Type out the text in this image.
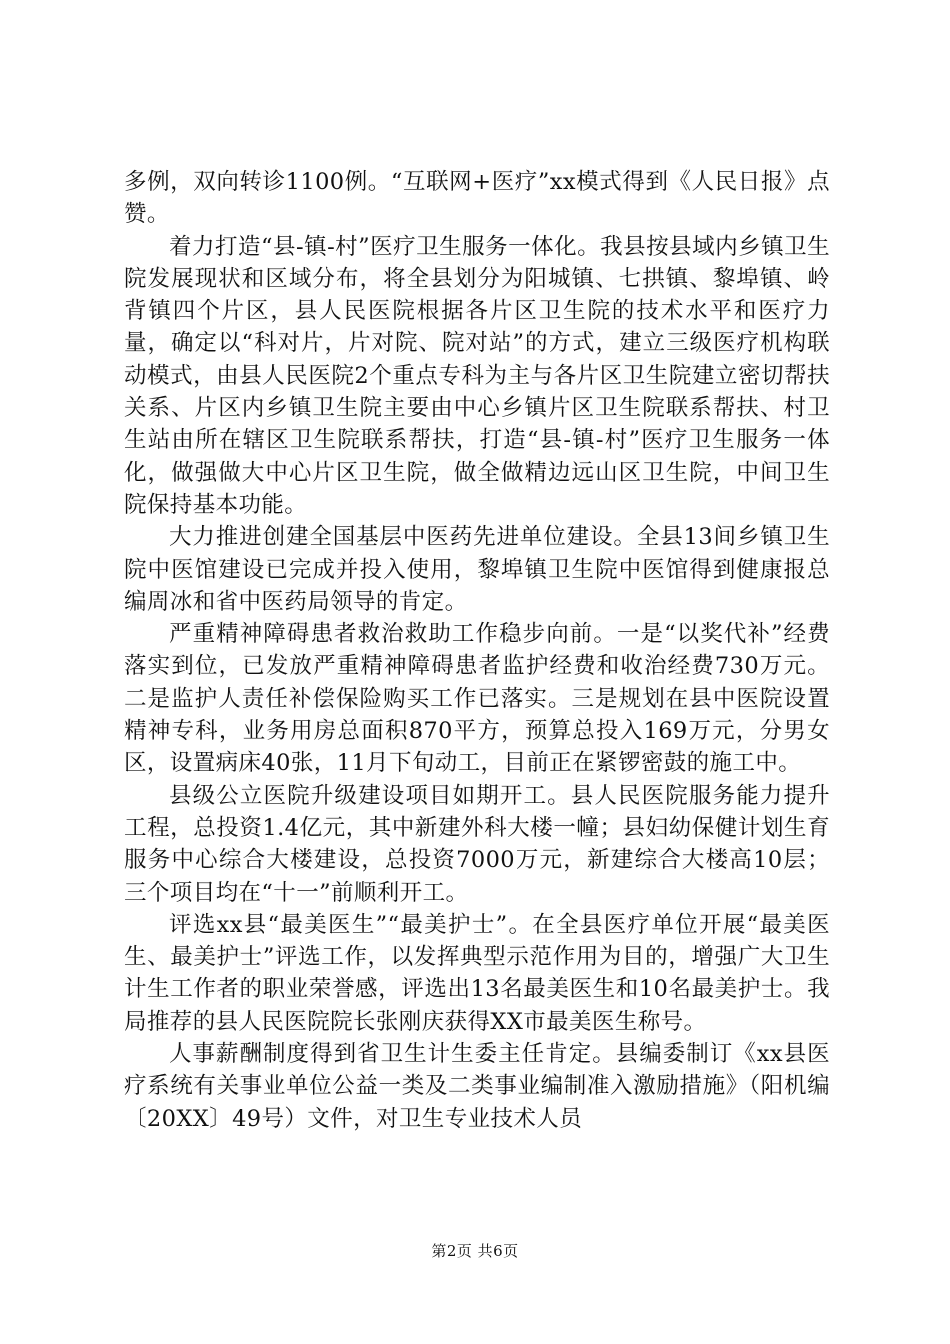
多例，双向转诊1100例。“互联网+医疗”xx模式得到《人民日报》点赞。

着力打造“县-镇-村”医疗卫生服务一体化。我县按县域内乡镇卫生院发展现状和区域分布，将全县划分为阳城镇、七拱镇、黎埠镇、岭背镇四个片区，县人民医院根据各片区卫生院的技术水平和医疗力量，确定以“科对片，片对院、院对站”的方式，建立三级医疗机构联动模式，由县人民医院2个重点专科为主与各片区卫生院建立密切帮扶关系、片区内乡镇卫生院主要由中心乡镇片区卫生院联系帮扶、村卫生站由所在辖区卫生院联系帮扶，打造“县-镇-村”医疗卫生服务一体化，做强做大中心片区卫生院，做全做精边远山区卫生院，中间卫生院保持基本功能。

大力推进创建全国基层中医药先进单位建设。全县13间乡镇卫生院中医馆建设已完成并投入使用，黎埠镇卫生院中医馆得到健康报总编周冰和省中医药局领导的肯定。

严重精神障碍患者救治救助工作稳步向前。一是“以奖代补”经费落实到位，已发放严重精神障碍患者监护经费和收治经费730万元。二是监护人责任补偿保险购买工作已落实。三是规划在县中医院设置精神专科，业务用房总面积870平方，预算总投入169万元，分男女区，设置病床40张，11月下旬动工，目前正在紧锣密鼓的施工中。

县级公立医院升级建设项目如期开工。县人民医院服务能力提升工程，总投资1.4亿元，其中新建外科大楼一幢；县妇幼保健计划生育服务中心综合大楼建设，总投资7000万元，新建综合大楼高10层；三个项目均在“十一”前顺利开工。

评选xx县“最美医生”“最美护士”。在全县医疗单位开展“最美医生、最美护士”评选工作，以发挥典型示范作用为目的，增强广大卫生计生工作者的职业荣誉感，评选出13名最美医生和10名最美护士。我局推荐的县人民医院院长张刚庆获得XX市最美医生称号。

人事薪酬制度得到省卫生计生委主任肯定。县编委制订《xx县医疗系统有关事业单位公益一类及二类事业编制准入激励措施》（阳机编〔20XX〕49号）文件，对卫生专业技术人员

第2页 共6页
